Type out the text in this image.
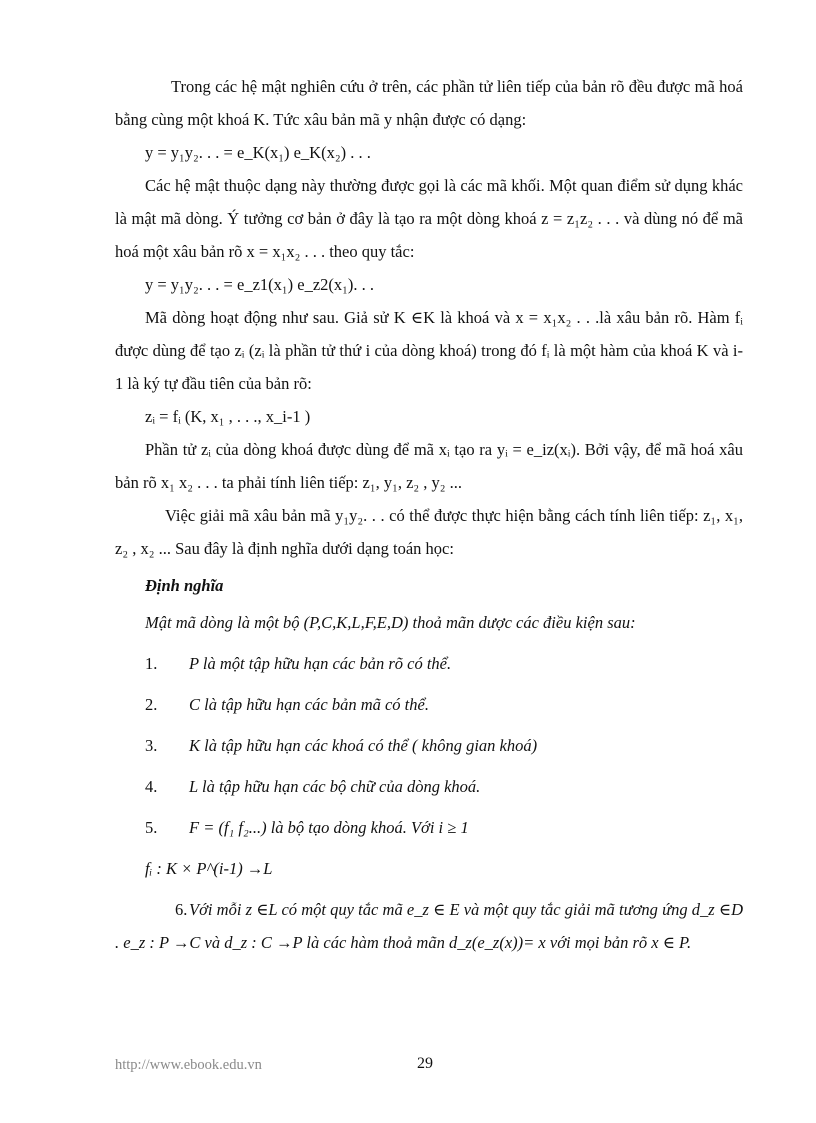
Trong các hệ mật nghiên cứu ở trên, các phần tử liên tiếp của bản rõ đều được mã hoá bằng cùng một khoá K. Tức xâu bản mã y nhận được có dạng:

y = y₁y₂. . . = e_K(x₁) e_K(x₂) . . .

Các hệ mật thuộc dạng này thường được gọi là các mã khối. Một quan điểm sử dụng khác là mật mã dòng. Ý tưởng cơ bản ở đây là tạo ra một dòng khoá z = z₁z₂ . . . và dùng nó để mã hoá một xâu bản rõ x = x₁x₂ . . . theo quy tắc:

y = y₁y₂. . . = e_z1(x₁) e_z2(x₁). . .

Mã dòng hoạt động như sau. Giả sử K ∈K là khoá và x = x₁x₂ . . .là xâu bản rõ. Hàm fᵢ được dùng để tạo zᵢ (zᵢ là phần tử thứ i của dòng khoá) trong đó fᵢ là một hàm của khoá K và i-1 là ký tự đầu tiên của bản rõ:

zᵢ = fᵢ (K, x₁ , . . ., x_i-1 )

Phần tử zᵢ của dòng khoá được dùng để mã xᵢ tạo ra yᵢ = e_iz(xᵢ). Bởi vậy, để mã hoá xâu bản rõ x₁ x₂ . . . ta phải tính liên tiếp: z₁, y₁, z₂ , y₂ ...

Việc giải mã xâu bản mã y₁y₂. . . có thể được thực hiện bằng cách tính liên tiếp: z₁, x₁, z₂ , x₂ ... Sau đây là định nghĩa dưới dạng toán học:

Định nghĩa

Mật mã dòng là một bộ (P,C,K,L,F,E,D) thoả mãn dược các điều kiện sau:

1. P là một tập hữu hạn các bản rõ có thể.

2. C là tập hữu hạn các bản mã có thể.

3. K là tập hữu hạn các khoá có thể ( không gian khoá)

4. L là tập hữu hạn các bộ chữ của dòng khoá.

5. F = (f₁ f₂...) là bộ tạo dòng khoá. Với i ≥ 1

fᵢ : K × P^(i-1) →L

6.Với mỗi z ∈L có một quy tắc mã e_z ∈ E và một quy tắc giải mã tương ứng d_z ∈D . e_z : P →C và d_z : C →P là các hàm thoả mãn d_z(e_z(x))= x với mọi bản rõ x ∈ P.

http://www.ebook.edu.vn	29
